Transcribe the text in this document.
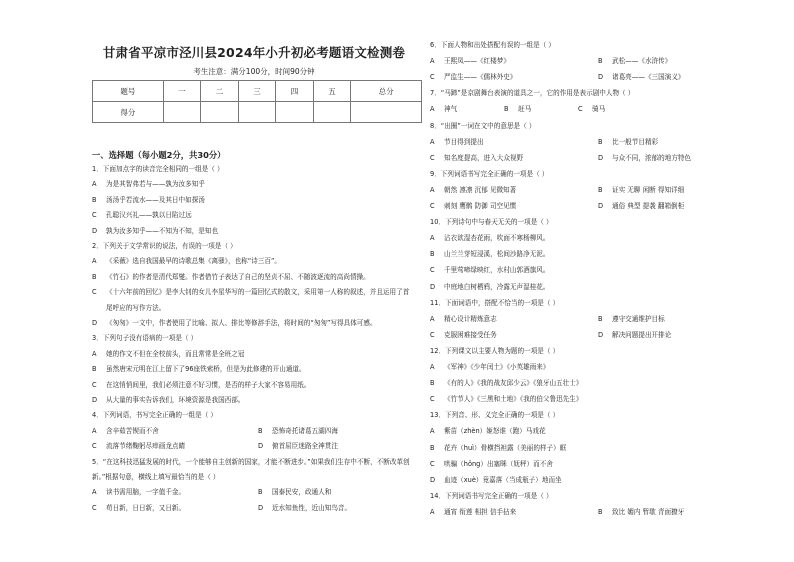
甘肃省平凉市泾川县2024年小升初必考题语文检测卷
考生注意：满分100分，时间90分钟
题号	一	二	三	四	五	总分
得分						
一、选择题（每小题2分，共30分）
1．下面加点字的读音完全相同的一组是（ ）
A 为是其智弗若与——孰为汝多知乎
B 汤汤乎若流水——及其日中如探汤
C 孔聪汉兴礼——孰以日陷过远
D 孰为汝多知乎——不知为不知，是知也
2．下列关于文学常识的说法，有误的一项是（ ）
A 《采薇》选自我国最早的诗歌总集《离骚》，也称“诗三百”。
B 《竹石》的作者是清代郑燮。作者借竹子表达了自己的坚贞不屈、不随波逐流的高尚情操。
C 《十六年前的回忆》是李大钊的女儿李星华写的一篇回忆式的散文，采用第一人称的叙述，并且运用了首
尾呼应的写作方法。
D 《匆匆》一文中，作者使用了比喻、拟人、排比等修辞手法，将时间的“匆匆”写得具体可感。
3．下列句子没有语病的一项是（ ）
A 她的作文不但在全校前头，而且常常是全班之冠
B 虽然唐宋元明在江上留下了96座铁索桥，但是为此修建的开山通道。
C 在这悄悄间里，我们必须注意不好习惯，是否的样子大家不容易用纸。
D 从大量的事实告诉我们，环境资源是我国西部。
4．下列词语，书写完全正确的一组是（ ）
A 含辛茹苦锲而不舍	B 恐怖奇托诸葛五湖四海
C 流落节绪鞠躬尽瘁画龙点睛	D 俯首屈臣迷路全神贯注
5．“在这科技迅猛发展的时代，一个能够自主创新的国家，才能不断进步。”如果我们生存中不断，不断改革创
新。”根据句意，横线上填写最恰当的是（ ）
A 读书需用脑，一字值千金。	B 国泰民安，政通人和
C 苟日新，日日新，又日新。	D 近水知鱼性，近山知鸟音。
6．下面人物和出处搭配有误的一组是（ ）
A 王熙凤——《红楼梦》	B 武松——《水浒传》
C 严监生——《儒林外史》	D 诸葛亮——《三国演义》
7．“马蹄”是京剧舞台表演的道具之一，它的作用是表示剧中人物（ ）
A 神气	B 赶马	C 骑马
8．“出圈”一词在文中的意思是（ ）
A 节目得到提出	B 比一般节目精彩
C 知名度提高，进入大众视野	D 与众不同，浓郁的地方特色
9．下列词语书写完全正确的一项是（ ）
A 朝然 凛凛 沉郁 见微知著	B 证实 无聊 闲断 得知详细
C 刺刻 鹰鹘 防御 司空见惯	D 通俗 典型 提袭 翻箱倒柜
10．下列诗句中与春天无关的一项是（ ）
A 沾衣欲湿杏花雨，吹面不寒杨柳风。
B 山兰兰芽短浸溪，松间沙路净无泥。
C 千里莺啼绿映红，水村山郭酒旗风。
D 中庭地白树栖鸦，冷露无声湿桂花。
11．下面词语中，搭配不恰当的一项是（ ）
A 精心设计精炼意志	B 遵守交通维护目标
C 克服困难接受任务	D 解决问题提出开排论
12．下列课文以主要人物为题的一项是（ ）
A 《军神》《少年闰土》《小英雄雨来》
B 《有的人》《我的战友邱少云》《狼牙山五壮士》
C 《竹节人》《三黑和土地》《我的伯父鲁迅先生》
13．下列音、形、义完全正确的一项是（ ）
A 紫苗（zhèn）姬怒谁（跑）马戏花
B 花卉（huì）骨横挡袒露（美丽的样子）眶
C 哄骗（hǒng）出塞眯（妩秤）而不舍
D 血迹（xuè）竟嘉落（当成瓶子）地而坐
14．下列词语书写完全正确的一项是（ ）
A 通宵 衔莲 相担 信手拈来	B 致比 媚内 暂歇 青面獠牙
